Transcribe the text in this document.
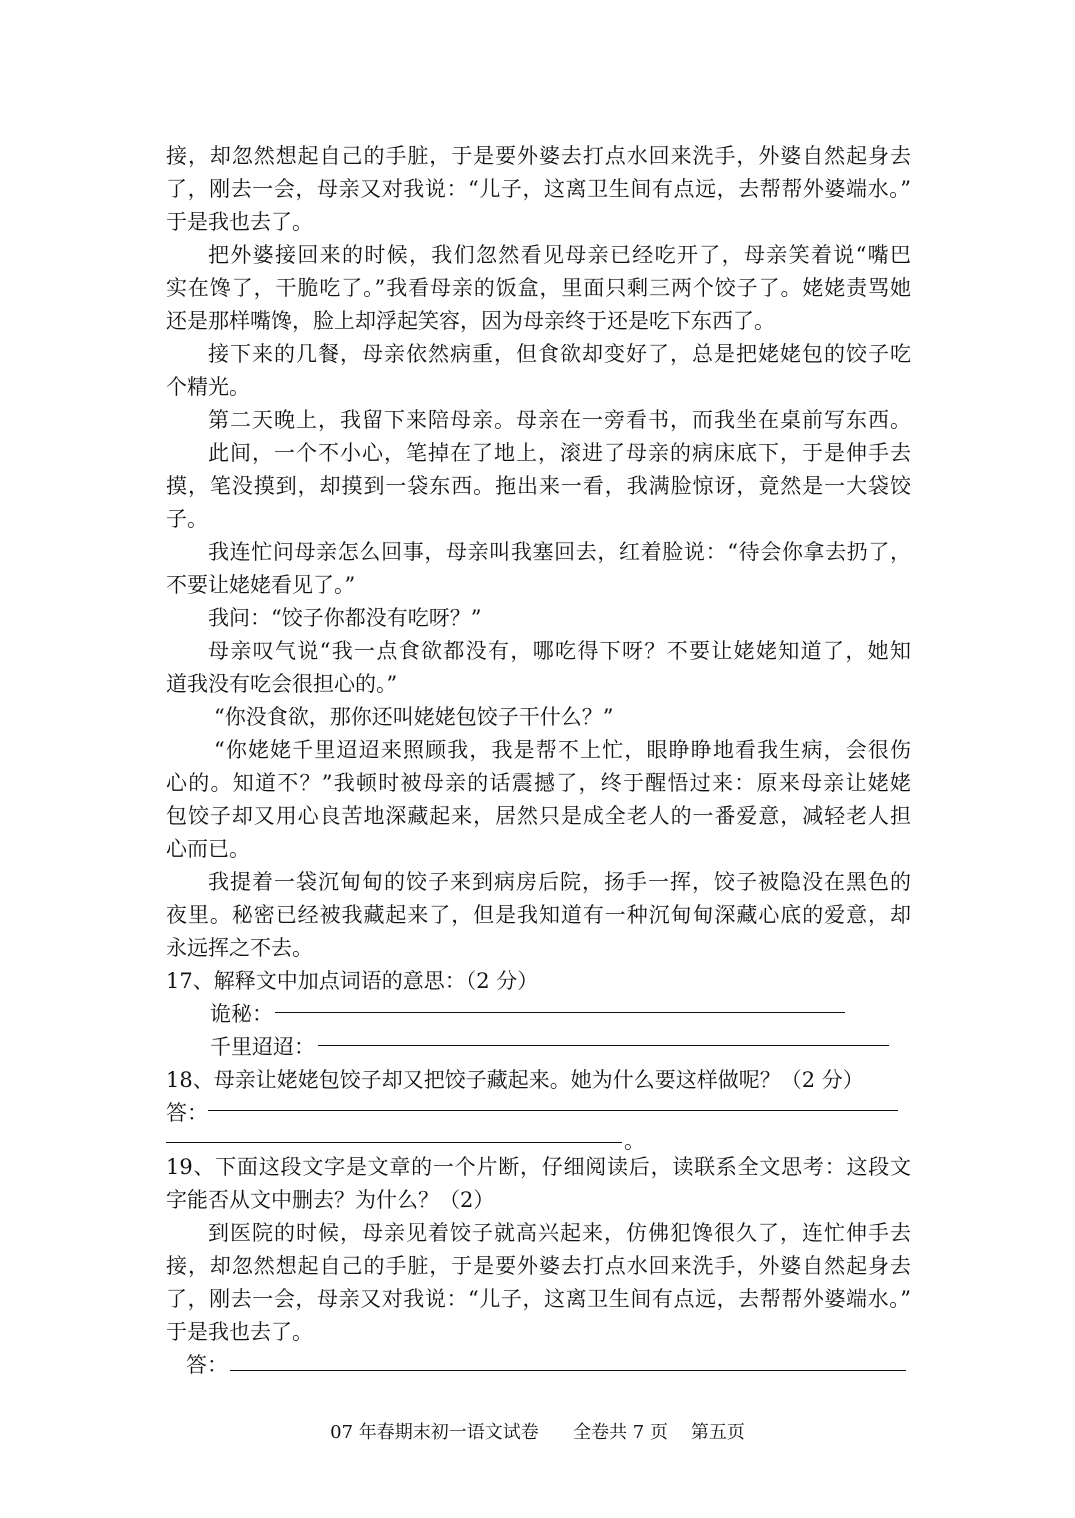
接，却忽然想起自己的手脏，于是要外婆去打点水回来洗手，外婆自然起身去
了，刚去一会，母亲又对我说：“儿子，这离卫生间有点远，去帮帮外婆端水。”
于是我也去了。
把外婆接回来的时候，我们忽然看见母亲已经吃开了，母亲笑着说“嘴巴
实在馋了，干脆吃了。”我看母亲的饭盒，里面只剩三两个饺子了。姥姥责骂她
还是那样嘴馋，脸上却浮起笑容，因为母亲终于还是吃下东西了。
接下来的几餐，母亲依然病重，但食欲却变好了，总是把姥姥包的饺子吃
个精光。
第二天晚上，我留下来陪母亲。母亲在一旁看书，而我坐在桌前写东西。
此间，一个不小心，笔掉在了地上，滚进了母亲的病床底下，于是伸手去
摸，笔没摸到，却摸到一袋东西。拖出来一看，我满脸惊讶，竟然是一大袋饺
子。
我连忙问母亲怎么回事，母亲叫我塞回去，红着脸说：“待会你拿去扔了，
不要让姥姥看见了。”
我问：“饺子你都没有吃呀？”
母亲叹气说“我一点食欲都没有，哪吃得下呀？不要让姥姥知道了，她知
道我没有吃会很担心的。”
“你没食欲，那你还叫姥姥包饺子干什么？”
“你姥姥千里迢迢来照顾我，我是帮不上忙，眼睁睁地看我生病，会很伤
心的。知道不？”我顿时被母亲的话震撼了，终于醒悟过来：原来母亲让姥姥
包饺子却又用心良苦地深藏起来，居然只是成全老人的一番爱意，减轻老人担
心而已。
我提着一袋沉甸甸的饺子来到病房后院，扬手一挥，饺子被隐没在黑色的
夜里。秘密已经被我藏起来了，但是我知道有一种沉甸甸深藏心底的爱意，却
永远挥之不去。
17、解释文中加点词语的意思：（2 分）
诡秘：
千里迢迢：
18、母亲让姥姥包饺子却又把饺子藏起来。她为什么要这样做呢？（2 分）
答：
。
19、下面这段文字是文章的一个片断，仔细阅读后，读联系全文思考：这段文
字能否从文中删去？为什么？（2）
到医院的时候，母亲见着饺子就高兴起来，仿佛犯馋很久了，连忙伸手去
接，却忽然想起自己的手脏，于是要外婆去打点水回来洗手，外婆自然起身去
了，刚去一会，母亲又对我说：“儿子，这离卫生间有点远，去帮帮外婆端水。”
于是我也去了。
答：
07 年春期末初一语文试卷      全卷共 7 页    第五页
